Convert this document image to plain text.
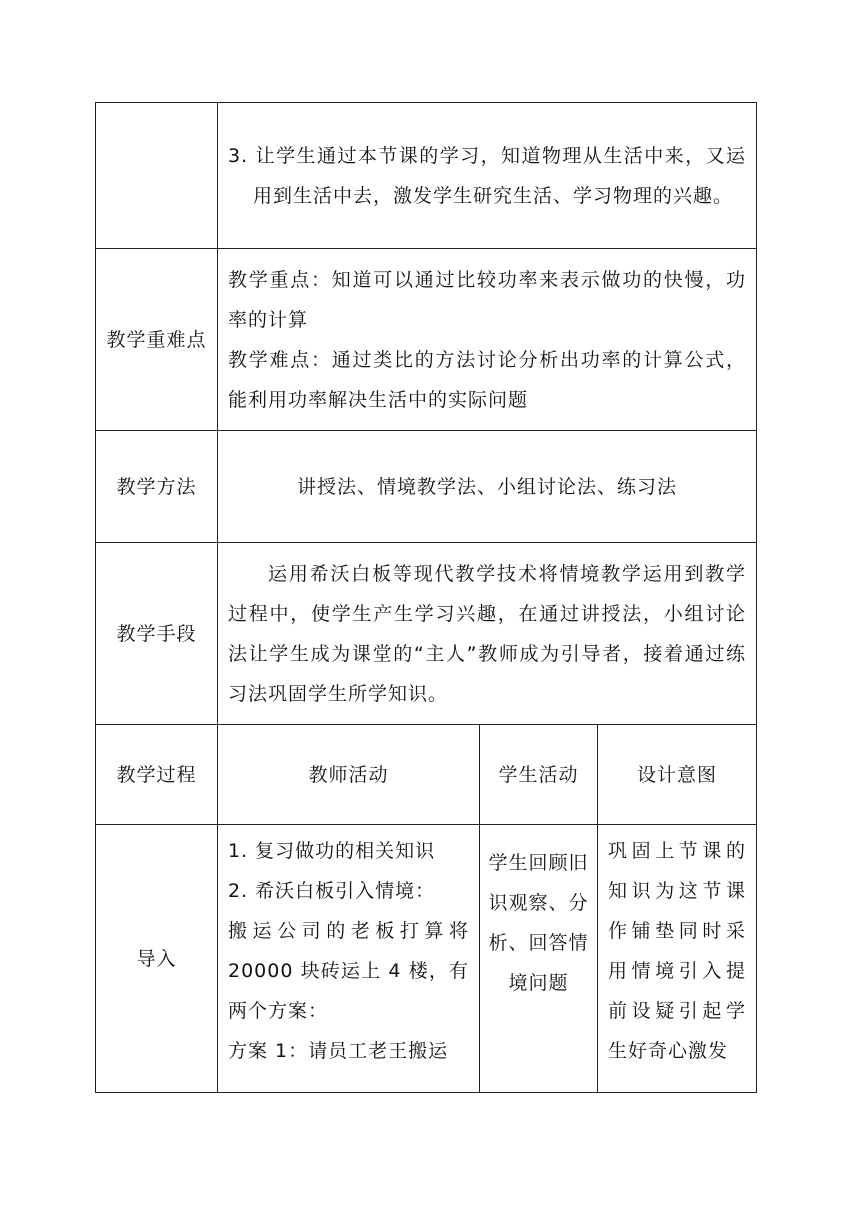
	3. 让学生通过本节课的学习，知道物理从生活中来，又运用到生活中去，激发学生研究生活、学习物理的兴趣。		

教学重难点	教学重点：知道可以通过比较功率来表示做功的快慢，功率的计算

教学难点：通过类比的方法讨论分析出功率的计算公式，能利用功率解决生活中的实际问题		

教学方法	讲授法、情境教学法、小组讨论法、练习法		
教学手段	运用希沃白板等现代教学技术将情境教学运用到教学过程中，使学生产生学习兴趣，在通过讲授法，小组讨论法让学生成为课堂的“主人”教师成为引导者，接着通过练习法巩固学生所学知识。		

教学过程	教师活动	学生活动	设计意图
导入	1. 复习做功的相关知识

2. 希沃白板引入情境：

搬运公司的老板打算将20000 块砖运上 4 楼，有两个方案：

方案 1：请员工老王搬运	学生回顾旧识观察、分析、回答情境问题	巩固上节课的知识为这节课作铺垫同时采用情境引入提前设疑引起学生好奇心激发
